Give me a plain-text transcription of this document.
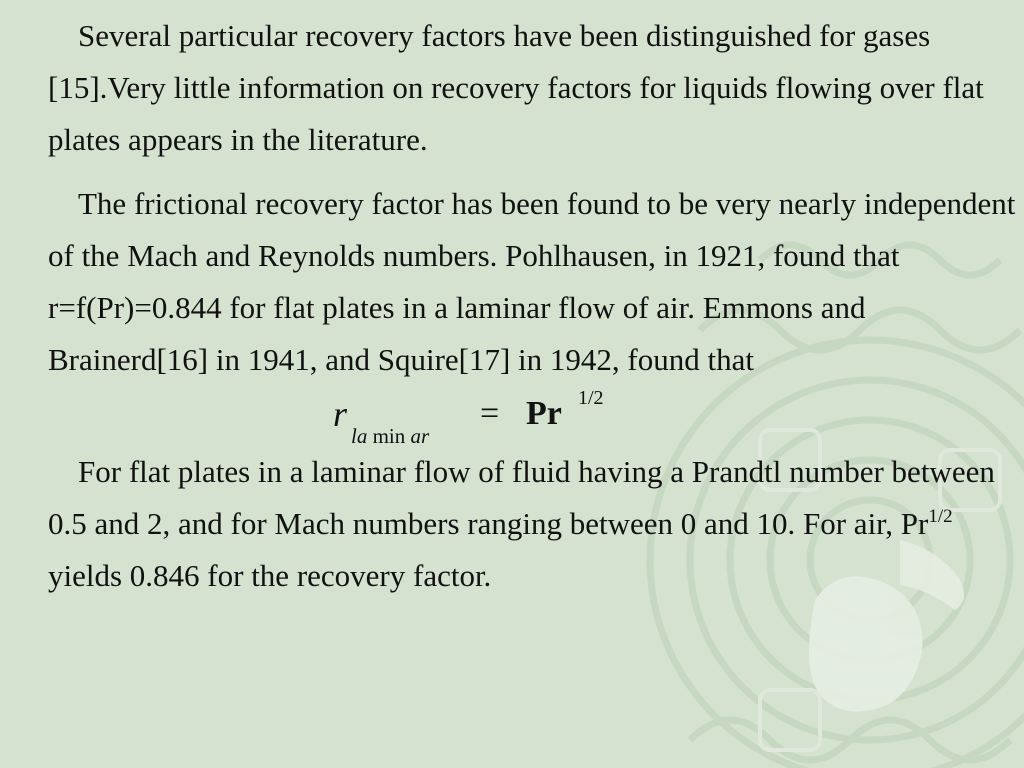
Several particular recovery factors have been distinguished for gases [15].Very little information on recovery factors for liquids flowing over flat plates appears in the literature.

The frictional recovery factor has been found to be very nearly independent of the Mach and Reynolds numbers. Pohlhausen, in 1921, found that r=f(Pr)=0.844 for flat plates in a laminar flow of air. Emmons and Brainerd[16] in 1941, and Squire[17] in 1942, found that

r
la min ar
= Pr 1/2

For flat plates in a laminar flow of fluid having a Prandtl number between 0.5 and 2, and for Mach numbers ranging between 0 and 10. For air, $Pr^{1/2}$ yields 0.846 for the recovery factor.
